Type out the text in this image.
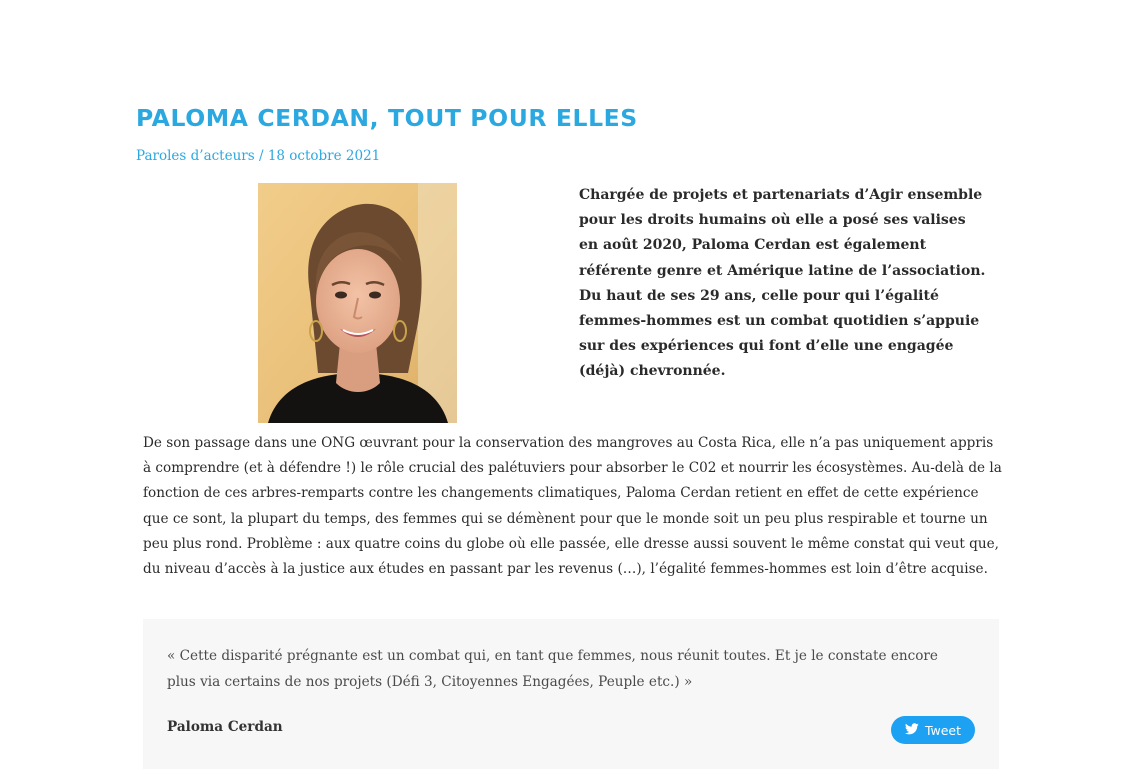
PALOMA CERDAN, TOUT POUR ELLES
Paroles d’acteurs / 18 octobre 2021

Chargée de projets et partenariats d’Agir ensemble pour les droits humains où elle a posé ses valises en août 2020, Paloma Cerdan est également référente genre et Amérique latine de l’association. Du haut de ses 29 ans, celle pour qui l’égalité femmes-hommes est un combat quotidien s’appuie sur des expériences qui font d’elle une engagée (déjà) chevronnée.

De son passage dans une ONG œuvrant pour la conservation des mangroves au Costa Rica, elle n’a pas uniquement appris à comprendre (et à défendre !) le rôle crucial des palétuviers pour absorber le C02 et nourrir les écosystèmes. Au-delà de la fonction de ces arbres-remparts contre les changements climatiques, Paloma Cerdan retient en effet de cette expérience que ce sont, la plupart du temps, des femmes qui se démènent pour que le monde soit un peu plus respirable et tourne un peu plus rond. Problème : aux quatre coins du globe où elle passée, elle dresse aussi souvent le même constat qui veut que, du niveau d’accès à la justice aux études en passant par les revenus (…), l’égalité femmes-hommes est loin d’être acquise.

« Cette disparité prégnante est un combat qui, en tant que femmes, nous réunit toutes. Et je le constate encore plus via certains de nos projets (Défi 3, Citoyennes Engagées, Peuple etc.) »

Paloma Cerdan	Tweet
